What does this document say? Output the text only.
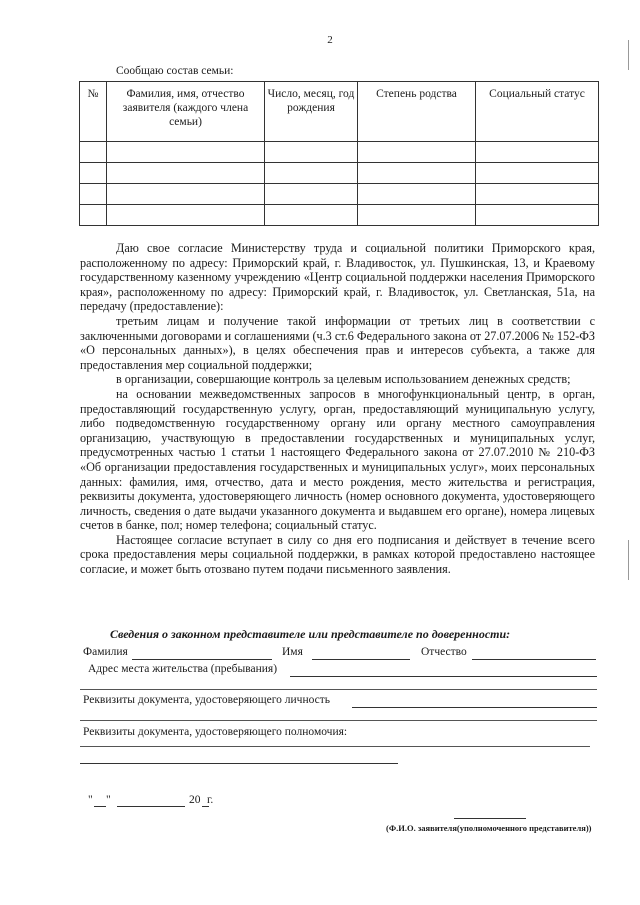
2
Сообщаю состав семьи:
№	Фамилия, имя, отчество заявителя (каждого члена семьи)	Число, месяц, год рождения	Степень родства	Социальный статус

Даю свое согласие Министерству труда и социальной политики Приморского края, расположенному по адресу: Приморский край, г. Владивосток, ул. Пушкинская, 13, и Краевому государственному казенному учреждению «Центр социальной поддержки населения Приморского края», расположенному по адресу: Приморский край, г. Владивосток, ул. Светланская, 51а, на передачу (предоставление):

третьим лицам и получение такой информации от третьих лиц в соответствии с заключенными договорами и соглашениями (ч.3 ст.6 Федерального закона от 27.07.2006 № 152-ФЗ «О персональных данных»), в целях обеспечения прав и интересов субъекта, а также для предоставления мер социальной поддержки;

в организации, совершающие контроль за целевым использованием денежных средств;

на основании межведомственных запросов в многофункциональный центр, в орган, предоставляющий государственную услугу, орган, предоставляющий муниципальную услугу, либо подведомственную государственному органу или органу местного самоуправления организацию, участвующую в предоставлении государственных и муниципальных услуг, предусмотренных частью 1 статьи 1 настоящего Федерального закона от 27.07.2010 № 210-ФЗ «Об организации предоставления государственных и муниципальных услуг», моих персональных данных: фамилия, имя, отчество, дата и место рождения, место жительства и регистрация, реквизиты документа, удостоверяющего личность (номер основного документа, удостоверяющего личность, сведения о дате выдачи указанного документа и выдавшем его органе), номера лицевых счетов в банке, пол; номер телефона; социальный статус.

Настоящее согласие вступает в силу со дня его подписания и действует в течение всего срока предоставления меры социальной поддержки, в рамках которой предоставлено настоящее согласие, и может быть отозвано путем подачи письменного заявления.

Сведения о законном представителе или представителе по доверенности:
Фамилия	Имя	Отчество
Адрес места жительства (пребывания)
Реквизиты документа, удостоверяющего личность
Реквизиты документа, удостоверяющего полномочия:
" "	20 г.
(Ф.И.О. заявителя(уполномоченного представителя))
